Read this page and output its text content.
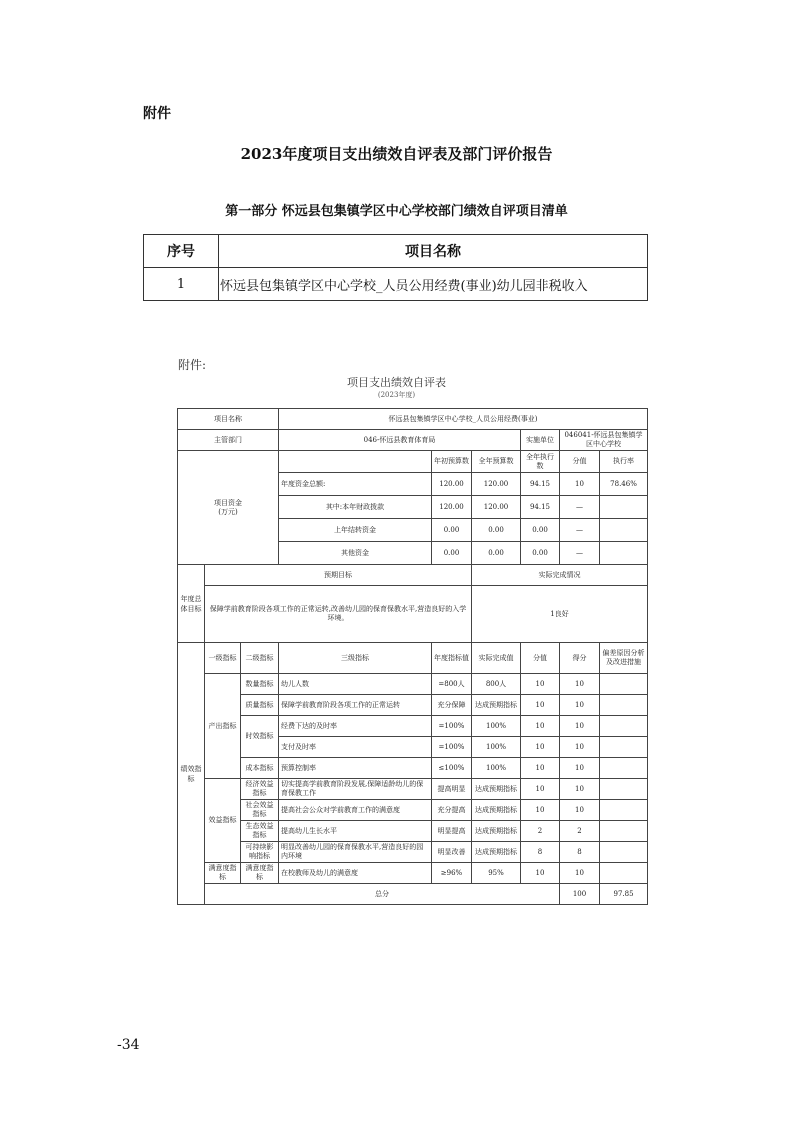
附件
2023年度项目支出绩效自评表及部门评价报告
第一部分 怀远县包集镇学区中心学校部门绩效自评项目清单
序号	项目名称
1	怀远县包集镇学区中心学校_人员公用经费(事业)幼儿园非税收入
附件:
项目支出绩效自评表
(2023年度)
项目名称			怀远县包集镇学区中心学校_人员公用经费(事业)						
主管部门			046-怀远县教育体育局			实施单位	046041-怀远县包集镇学区中心学校		
项目资金
(万元)				年初预算数	全年预算数	全年执行数	分值	执行率	
			年度资金总额:	120.00	120.00	94.15	10	78.46%	
			其中:本年财政拨款	120.00	120.00	94.15	—		
			上年结转资金	0.00	0.00	0.00	—		
			其他资金	0.00	0.00	0.00	—		
年度总体目标	预期目标				实际完成情况				
	保障学前教育阶段各项工作的正常运转,改善幼儿园的保育保教水平,营造良好的入学环境。				1良好				
绩效指标	一级指标	二级指标	三级指标	年度指标值	实际完成值	分值	得分	偏差原因分析及改进措施	
	产出指标	数量指标	幼儿人数	=800人	800人	10	10		
		质量指标	保障学前教育阶段各项工作的正常运转	充分保障	达成预期指标	10	10		
		时效指标	经费下达的及时率	=100%	100%	10	10		
			支付及时率	=100%	100%	10	10		
		成本指标	预算控制率	≤100%	100%	10	10		
	效益指标	经济效益指标	切实提高学前教育阶段发展,保障适龄幼儿的保育保教工作	提高明显	达成预期指标	10	10		
		社会效益指标	提高社会公众对学前教育工作的满意度	充分提高	达成预期指标	10	10		
		生态效益指标	提高幼儿生长水平	明显提高	达成预期指标	2	2		
		可持续影响指标	明显改善幼儿园的保育保教水平,营造良好的园内环境	明显改善	达成预期指标	8	8		
	满意度指标	满意度指标	在校教师及幼儿的满意度	≥96%	95%	10	10		
	总分						100	97.85	
-34
